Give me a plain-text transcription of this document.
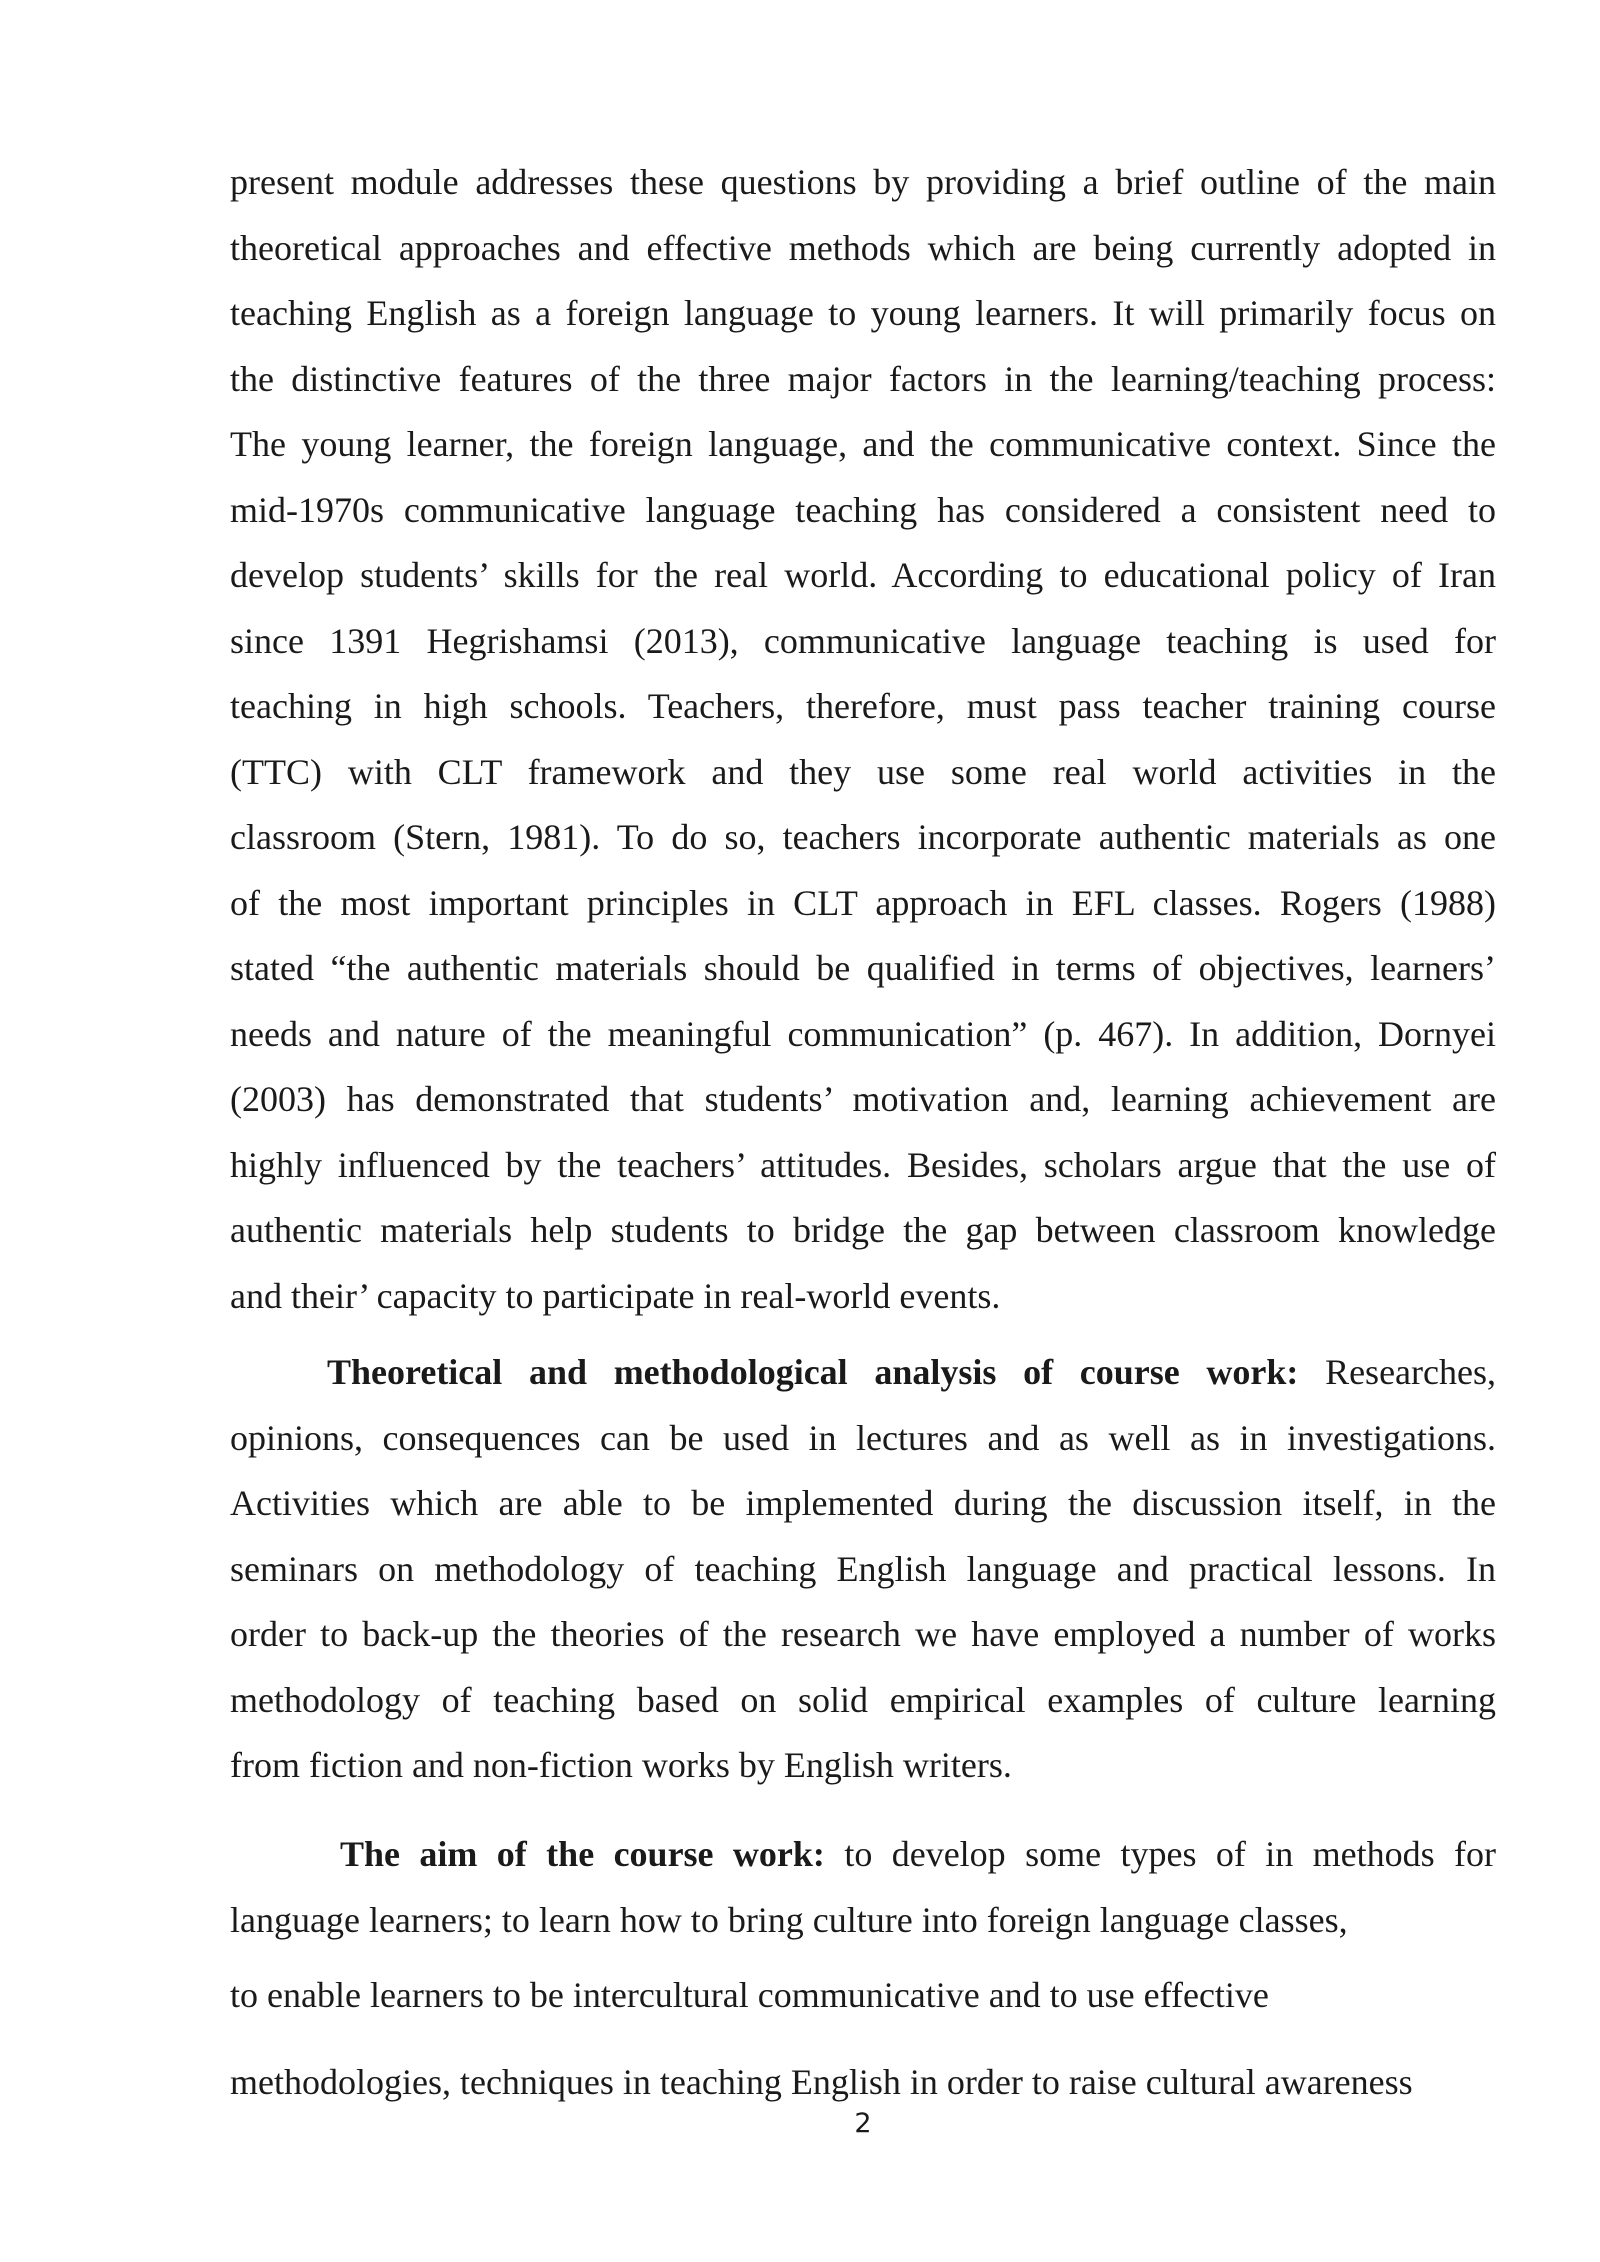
present module addresses these questions by providing a brief outline of the main

theoretical approaches and effective methods which are being currently adopted in

teaching English as a foreign language to young learners. It will primarily focus on

the distinctive features of the three major factors in the learning/teaching process:

The young learner, the foreign language, and the communicative context. Since the

mid-1970s communicative language teaching has considered a consistent need to

develop students’ skills for the real world. According to educational policy of Iran

since 1391 Hegrishamsi (2013), communicative language teaching is used for

teaching in high schools. Teachers, therefore, must pass teacher training course

(TTC) with CLT framework and they use some real world activities in the

classroom (Stern, 1981). To do so, teachers incorporate authentic materials as one

of the most important principles in CLT approach in EFL classes. Rogers (1988)

stated “the authentic materials should be qualified in terms of objectives, learners’

needs and nature of the meaningful communication” (p. 467). In addition, Dornyei

(2003) has demonstrated that students’ motivation and, learning achievement are

highly influenced by the teachers’ attitudes. Besides, scholars argue that the use of

authentic materials help students to bridge the gap between classroom knowledge

and their’ capacity to participate in real-world events.

Theoretical and methodological analysis of course work: Researches,

opinions, consequences can be used in lectures and as well as in investigations.

Activities which are able to be implemented during the discussion itself, in the

seminars on methodology of teaching English language and practical lessons. In

order to back-up the theories of the research we have employed a number of works

methodology of teaching based on solid empirical examples of culture learning

from fiction and non-fiction works by English writers.

The aim of the course work: to develop some types of in methods for

language learners; to learn how to bring culture into foreign language classes,

to enable learners to be intercultural communicative and to use effective
methodologies, techniques in teaching English in order to raise cultural awareness
2
